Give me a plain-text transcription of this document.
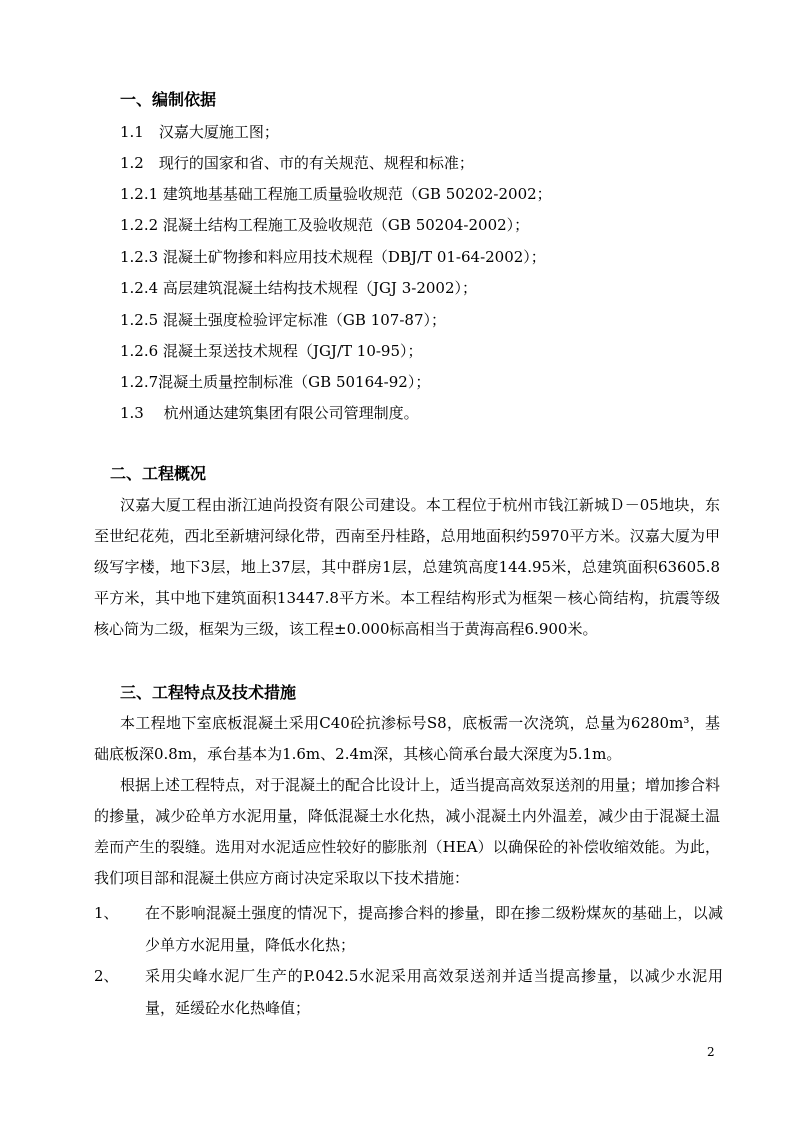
一、编制依据
1.1　汉嘉大厦施工图；
1.2　现行的国家和省、市的有关规范、规程和标准；
1.2.1 建筑地基基础工程施工质量验收规范（GB 50202-2002；
1.2.2 混凝土结构工程施工及验收规范（GB 50204-2002）；
1.2.3 混凝土矿物掺和料应用技术规程（DBJ/T 01-64-2002）；
1.2.4 高层建筑混凝土结构技术规程（JGJ 3-2002）；
1.2.5 混凝土强度检验评定标准（GB 107-87）；
1.2.6 混凝土泵送技术规程（JGJ/T 10-95）；
1.2.7混凝土质量控制标准（GB 50164-92）；
1.3　 杭州通达建筑集团有限公司管理制度。
二、工程概况
汉嘉大厦工程由浙江迪尚投资有限公司建设。本工程位于杭州市钱江新城Ｄ－05地块，东至世纪花苑，西北至新塘河绿化带，西南至丹桂路，总用地面积约5970平方米。汉嘉大厦为甲级写字楼，地下3层，地上37层，其中群房1层，总建筑高度144.95米，总建筑面积63605.8平方米，其中地下建筑面积13447.8平方米。本工程结构形式为框架－核心筒结构，抗震等级核心筒为二级，框架为三级，该工程±0.000标高相当于黄海高程6.900米。
三、工程特点及技术措施
本工程地下室底板混凝土采用C40砼抗渗标号S8，底板需一次浇筑，总量为6280m³，基础底板深0.8m，承台基本为1.6m、2.4m深，其核心筒承台最大深度为5.1m。
根据上述工程特点，对于混凝土的配合比设计上，适当提高高效泵送剂的用量；增加掺合料的掺量，减少砼单方水泥用量，降低混凝土水化热，减小混凝土内外温差，减少由于混凝土温差而产生的裂缝。选用对水泥适应性较好的膨胀剂（HEA）以确保砼的补偿收缩效能。为此，我们项目部和混凝土供应方商讨决定采取以下技术措施：
1、 在不影响混凝土强度的情况下，提高掺合料的掺量，即在掺二级粉煤灰的基础上，以减少单方水泥用量，降低水化热；
2、 采用尖峰水泥厂生产的P.042.5水泥采用高效泵送剂并适当提高掺量，以减少水泥用量，延缓砼水化热峰值；
2
